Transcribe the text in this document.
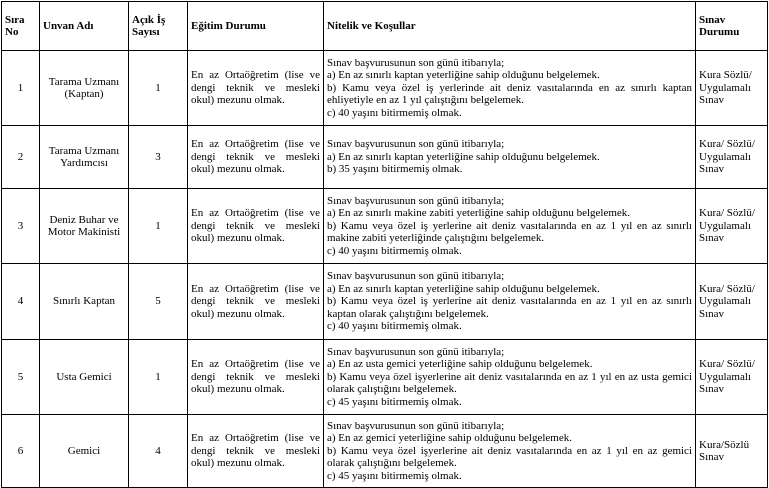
Sıra No	Unvan Adı	Açık İş Sayısı	Eğitim Durumu	Nitelik ve Koşullar	Sınav Durumu
1	Tarama Uzmanı (Kaptan)	1	En az Ortaöğretim (lise ve dengi teknik ve mesleki okul) mezunu olmak.	Sınav başvurusunun son günü itibarıyla;
a) En az sınırlı kaptan yeterliğine sahip olduğunu belgelemek.
b) Kamu veya özel iş yerlerinde ait deniz vasıtalarında en az sınırlı kaptan ehliyetiyle en az 1 yıl çalıştığını belgelemek.
c) 40 yaşını bitirmemiş olmak.	Kura Sözlü/ Uygulamalı Sınav
2	Tarama Uzmanı Yardımcısı	3	En az Ortaöğretim (lise ve dengi teknik ve mesleki okul) mezunu olmak.	Sınav başvurusunun son günü itibarıyla;
a) En az sınırlı kaptan yeterliğine sahip olduğunu belgelemek.
b) 35 yaşını bitirmemiş olmak.	Kura/ Sözlü/ Uygulamalı Sınav
3	Deniz Buhar ve Motor Makinisti	1	En az Ortaöğretim (lise ve dengi teknik ve mesleki okul) mezunu olmak.	Sınav başvurusunun son günü itibarıyla;
a) En az sınırlı makine zabiti yeterliğine sahip olduğunu belgelemek.
b) Kamu veya özel iş yerlerine ait deniz vasıtalarında en az 1 yıl en az sınırlı makine zabiti yeterliğinde çalıştığını belgelemek.
c) 40 yaşını bitirmemiş olmak.	Kura/ Sözlü/ Uygulamalı Sınav
4	Sınırlı Kaptan	5	En az Ortaöğretim (lise ve dengi teknik ve mesleki okul) mezunu olmak.	Sınav başvurusunun son günü itibarıyla;
a) En az sınırlı kaptan yeterliğine sahip olduğunu belgelemek.
b) Kamu veya özel iş yerlerine ait deniz vasıtalarında en az 1 yıl en az sınırlı kaptan olarak çalıştığını belgelemek.
c) 40 yaşını bitirmemiş olmak.	Kura/ Sözlü/ Uygulamalı Sınav
5	Usta Gemici	1	En az Ortaöğretim (lise ve dengi teknik ve mesleki okul) mezunu olmak.	Sınav başvurusunun son günü itibarıyla;
a) En az usta gemici yeterliğine sahip olduğunu belgelemek.
b) Kamu veya özel işyerlerine ait deniz vasıtalarında en az 1 yıl en az usta gemici olarak çalıştığını belgelemek.
c) 45 yaşını bitirmemiş olmak.	Kura/ Sözlü/ Uygulamalı Sınav
6	Gemici	4	En az Ortaöğretim (lise ve dengi teknik ve mesleki okul) mezunu olmak.	Sınav başvurusunun son günü itibarıyla;
a) En az gemici yeterliğine sahip olduğunu belgelemek.
b) Kamu veya özel işyerlerine ait deniz vasıtalarında en az 1 yıl en az gemici olarak çalıştığını belgelemek.
c) 45 yaşını bitirmemiş olmak.	Kura/Sözlü Sınav
